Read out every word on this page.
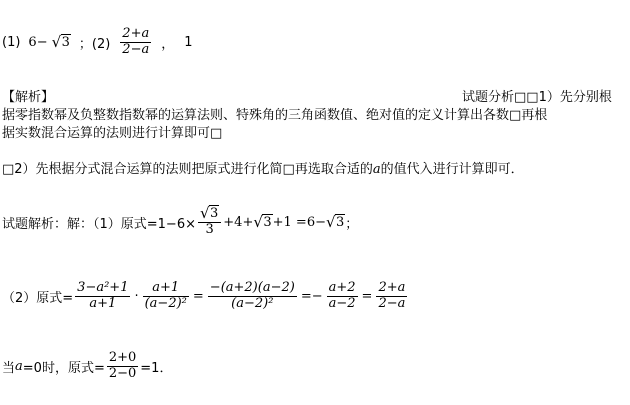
(1) 6−	√ 3 ；$(2) \frac{2+a}{2-a}$ ， 1
【解析】	试题分析□□1）先分别根
据零指数幂及负整数指数幂的运算法则、特殊角的三角函数值、绝对值的定义计算出各数□再根
据实数混合运算的法则进行计算即可□
□2）先根据分式混合运算的法则把原式进行化简□再选取合适的a的值代入进行计算即可．
试题解析：解：（1）原式=1−6× √ $\frac{3}{3} +4+$ √ 3 +1 =6− √ 3 ；
（2）原式= $\frac{\text{3−a²+1}}{a+1} \cdot \frac{a+1}{\text{(a−2)²}} = \frac{-(a+2)(a-2)}{\text{(a−2)²}} =- \frac{a+2}{a-2} = \frac{2+a}{2-a}$
当 a =0时，原式= $\frac{2+0}{2-0} =1$．
